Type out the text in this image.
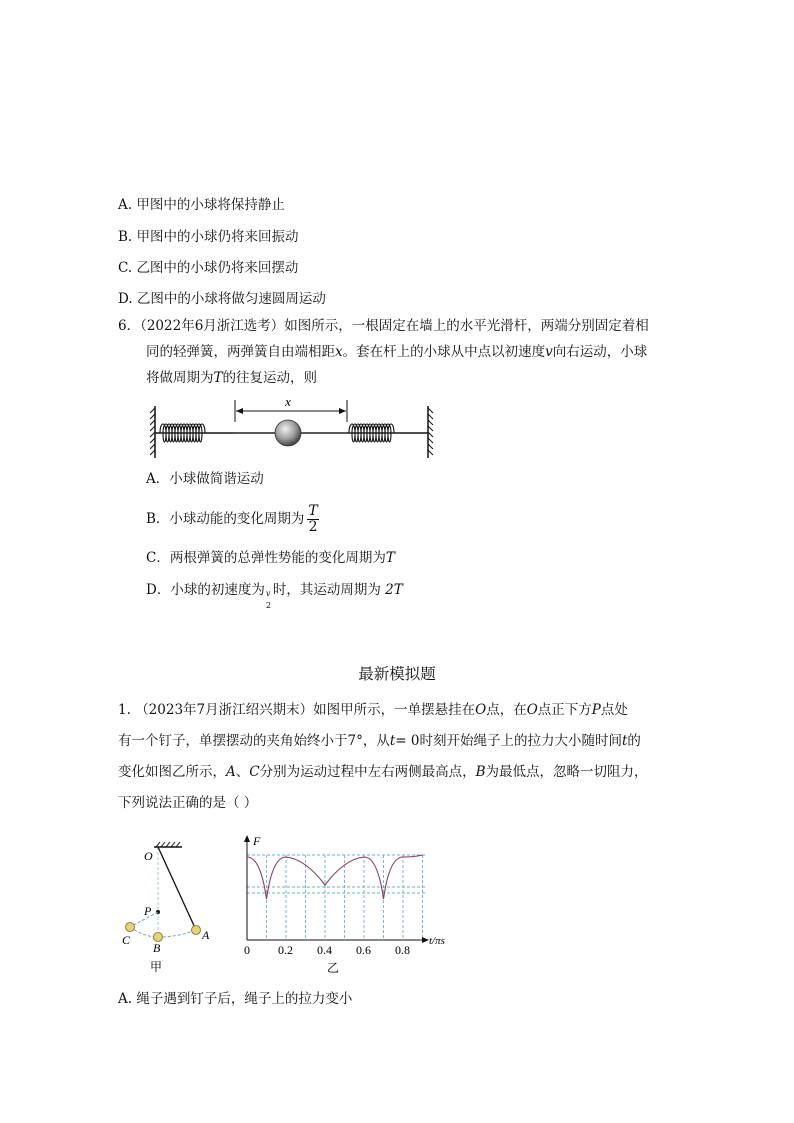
A. 甲图中的小球将保持静止
B. 甲图中的小球仍将来回振动
C. 乙图中的小球仍将来回摆动
D. 乙图中的小球将做匀速圆周运动
6．（2022年6月浙江选考）如图所示，一根固定在墙上的水平光滑杆，两端分别固定着相
同的轻弹簧，两弹簧自由端相距x。套在杆上的小球从中点以初速度v向右运动，小球
将做周期为T的往复运动，则
x
A．小球做简谐运动
B．小球动能的变化周期为 $\frac{T}{2}$
C．两根弹簧的总弹性势能的变化周期为T
D．小球的初速度为 v
2
时，其运动周期为 2T
最新模拟题
1. （2023年7月浙江绍兴期末）如图甲所示，一单摆悬挂在O点，在O点正下方P点处
有一个钉子，单摆摆动的夹角始终小于7°，从t= 0时刻开始绳子上的拉力大小随时间t的
变化如图乙所示，A、C分别为运动过程中左右两侧最高点，B为最低点，忽略一切阻力，
下列说法正确的是（ ）
O
P
C
B
A
甲
F
t/πs
0 0.2 0.4 0.6 0.8
乙
A. 绳子遇到钉子后，绳子上的拉力变小
